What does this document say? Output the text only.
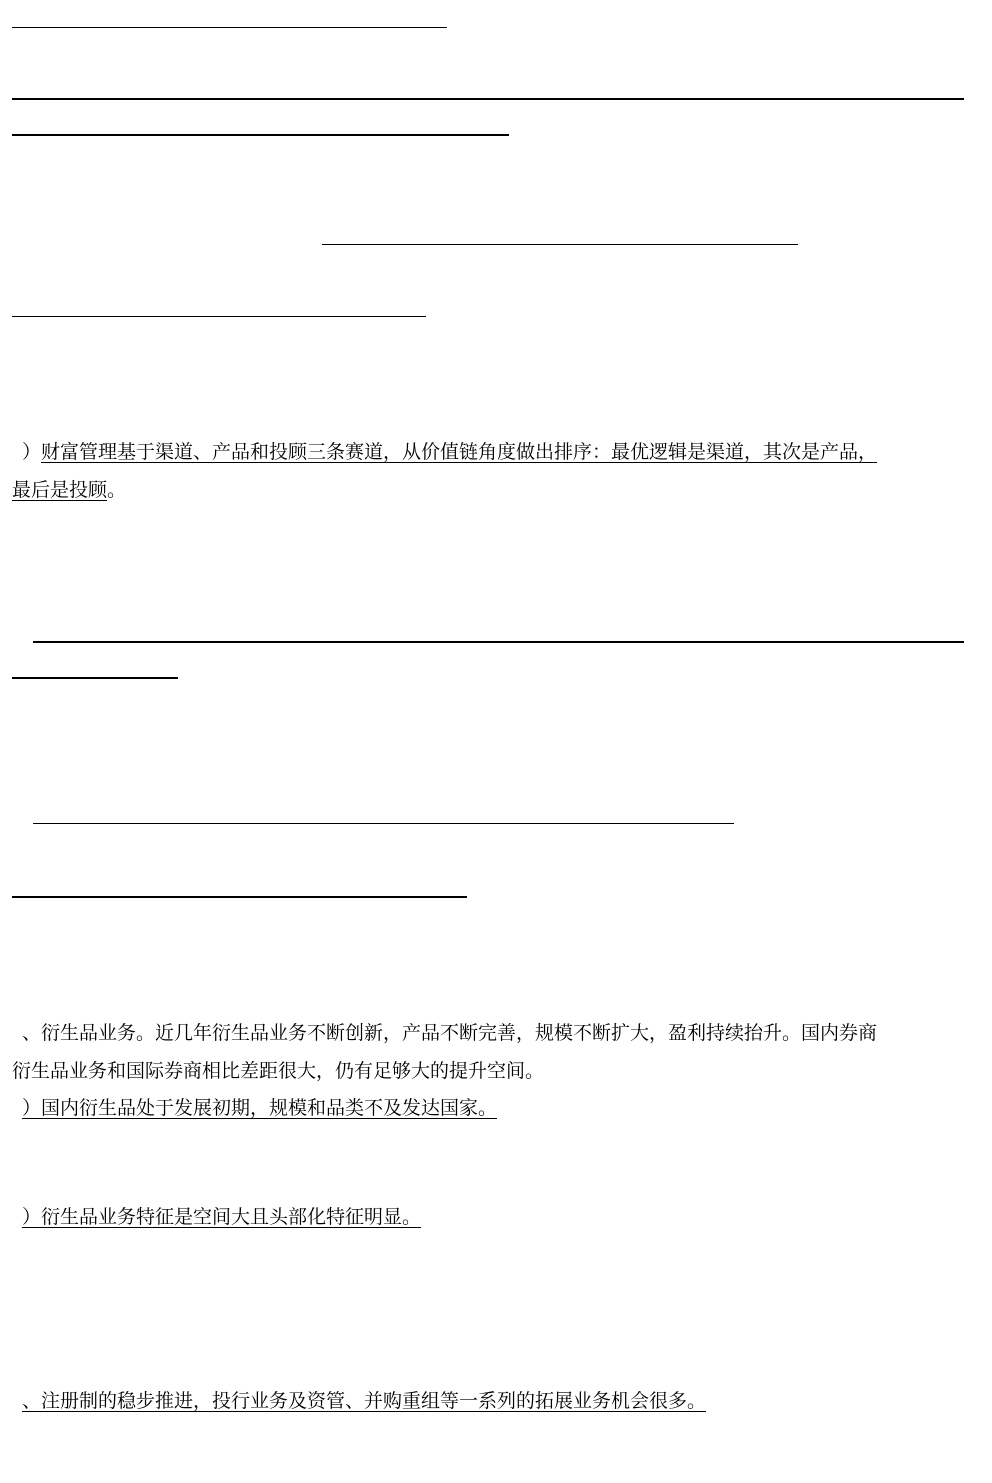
）财富管理基于渠道、产品和投顾三条赛道，从价值链角度做出排序：最优逻辑是渠道，其次是产品，
最后是投顾。
、衍生品业务。近几年衍生品业务不断创新，产品不断完善，规模不断扩大，盈利持续抬升。国内券商
衍生品业务和国际券商相比差距很大，仍有足够大的提升空间。
）国内衍生品处于发展初期，规模和品类不及发达国家。
）衍生品业务特征是空间大且头部化特征明显。
、注册制的稳步推进，投行业务及资管、并购重组等一系列的拓展业务机会很多。
